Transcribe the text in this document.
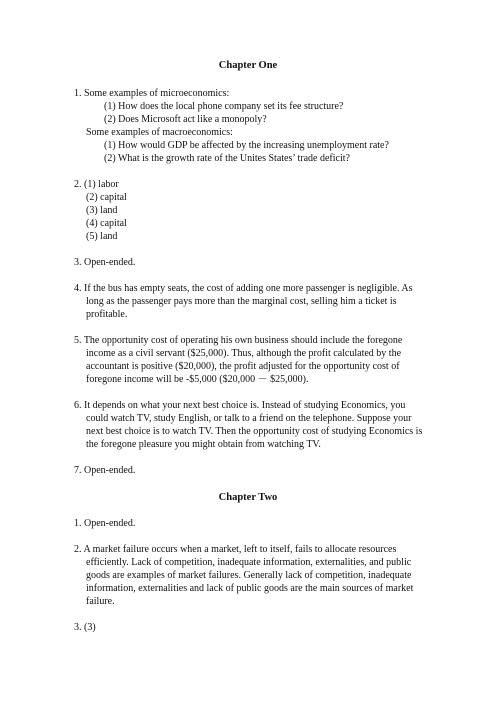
Chapter One
1. Some examples of microeconomics:
(1) How does the local phone company set its fee structure?
(2) Does Microsoft act like a monopoly?
Some examples of macroeconomics:
(1) How would GDP be affected by the increasing unemployment rate?
(2) What is the growth rate of the Unites States’ trade deficit?
2. (1) labor
(2) capital
(3) land
(4) capital
(5) land
3. Open-ended.
4. If the bus has empty seats, the cost of adding one more passenger is negligible. As
long as the passenger pays more than the marginal cost, selling him a ticket is
profitable.
5. The opportunity cost of operating his own business should include the foregone
income as a civil servant ($25,000). Thus, although the profit calculated by the
accountant is positive ($20,000), the profit adjusted for the opportunity cost of
foregone income will be -$5,000 ($20,000 － $25,000).
6. It depends on what your next best choice is. Instead of studying Economics, you
could watch TV, study English, or talk to a friend on the telephone. Suppose your
next best choice is to watch TV. Then the opportunity cost of studying Economics is
the foregone pleasure you might obtain from watching TV.
7. Open-ended.
Chapter Two
1. Open-ended.
2. A market failure occurs when a market, left to itself, fails to allocate resources
efficiently. Lack of competition, inadequate information, externalities, and public
goods are examples of market failures. Generally lack of competition, inadequate
information, externalities and lack of public goods are the main sources of market
failure.
3. (3)
